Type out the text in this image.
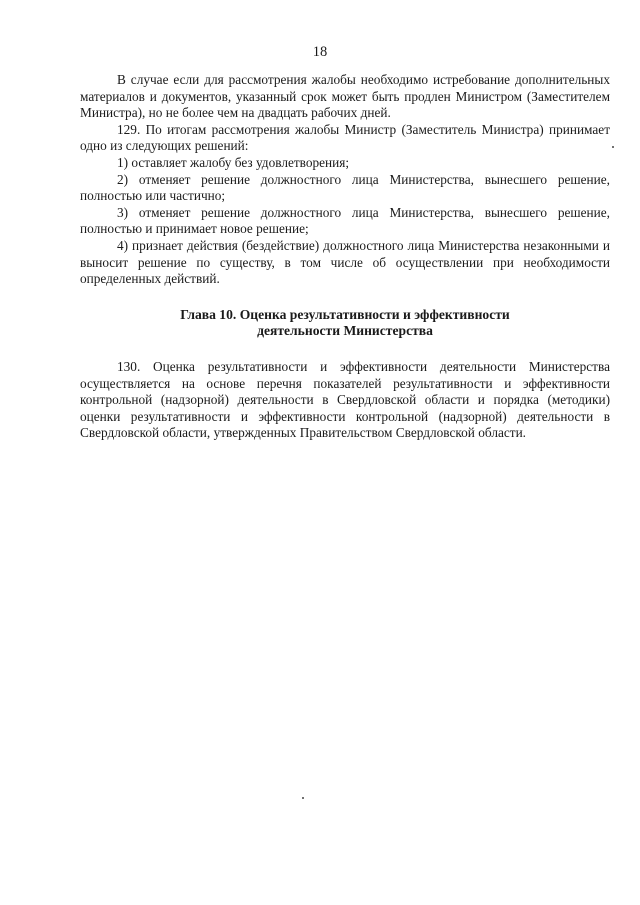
18

В случае если для рассмотрения жалобы необходимо истребование дополнительных материалов и документов, указанный срок может быть продлен Министром (Заместителем Министра), но не более чем на двадцать рабочих дней.

129. По итогам рассмотрения жалобы Министр (Заместитель Министра) принимает одно из следующих решений:

1) оставляет жалобу без удовлетворения;

2) отменяет решение должностного лица Министерства, вынесшего решение, полностью или частично;

3) отменяет решение должностного лица Министерства, вынесшего решение, полностью и принимает новое решение;

4) признает действия (бездействие) должностного лица Министерства незаконными и выносит решение по существу, в том числе об осуществлении при необходимости определенных действий.

Глава 10. Оценка результативности и эффективности
деятельности Министерства

130. Оценка результативности и эффективности деятельности Министерства осуществляется на основе перечня показателей результативности и эффективности контрольной (надзорной) деятельности в Свердловской области и порядка (методики) оценки результативности и эффективности контрольной (надзорной) деятельности в Свердловской области, утвержденных Правительством Свердловской области.
